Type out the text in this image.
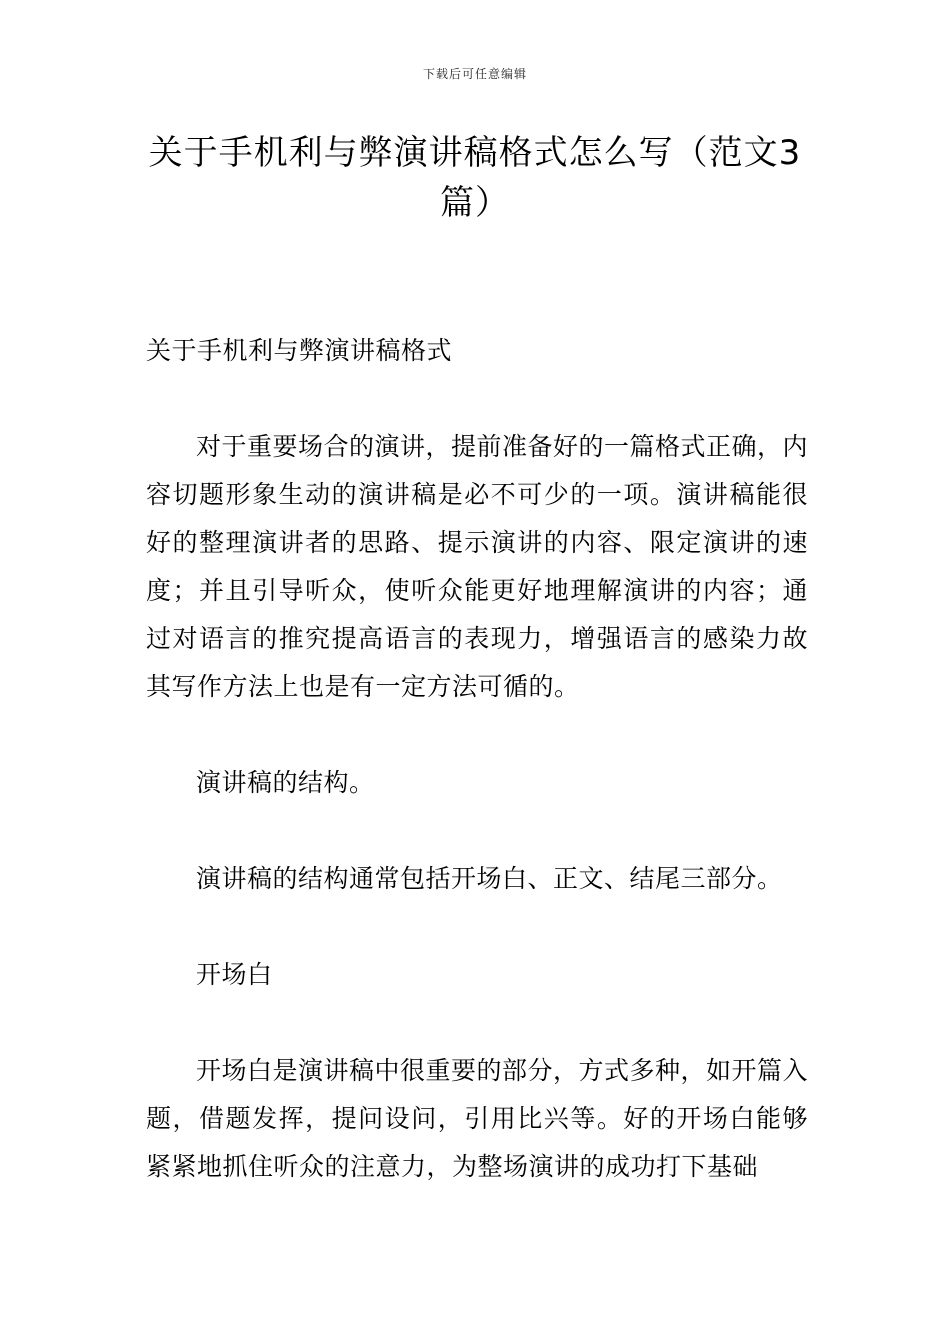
下载后可任意编辑
关于手机利与弊演讲稿格式怎么写（范文3篇）

关于手机利与弊演讲稿格式

对于重要场合的演讲，提前准备好的一篇格式正确，内容切题形象生动的演讲稿是必不可少的一项。演讲稿能很好的整理演讲者的思路、提示演讲的内容、限定演讲的速度；并且引导听众，使听众能更好地理解演讲的内容；通过对语言的推究提高语言的表现力，增强语言的感染力故其写作方法上也是有一定方法可循的。

演讲稿的结构。

演讲稿的结构通常包括开场白、正文、结尾三部分。

开场白

开场白是演讲稿中很重要的部分，方式多种，如开篇入题，借题发挥，提问设问，引用比兴等。好的开场白能够紧紧地抓住听众的注意力，为整场演讲的成功打下基础
